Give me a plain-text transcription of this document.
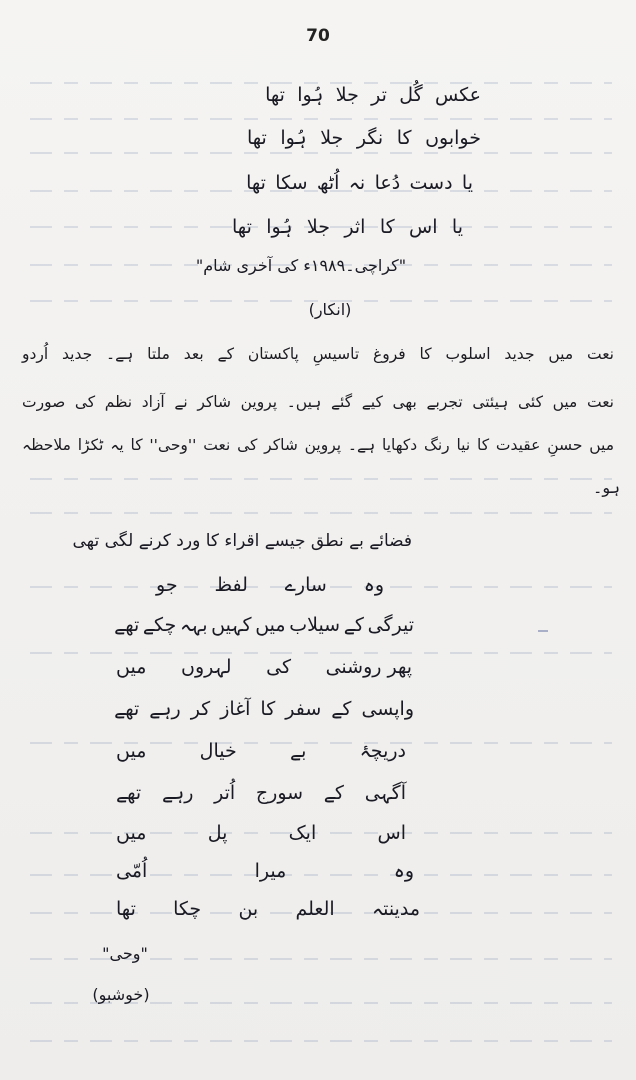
70
عکس
گُل
تر
جلا
ہُوا
تھا
خوابوں
کا
نگر
جلا
ہُوا
تھا
یا
دست
دُعا
نہ
اُٹھ
سکا
تھا
یا
اس
کا
اثر
جلا
ہُوا
تھا
"کراچی۔۱۹۸۹ء کی آخری شام"
(انکار)
نعت میں جدید اسلوب کا فروغ تاسیسِ پاکستان کے بعد ملتا ہے۔ جدید اُردو
نعت میں کئی ہیئتی تجربے بھی کیے گئے ہیں۔ پروین شاکر نے آزاد نظم کی صورت
میں حسنِ عقیدت کا نیا رنگ دکھایا ہے۔ پروین شاکر کی نعت ''وحی'' کا یہ ٹکڑا ملاحظہ
ہو۔
فضائے بے نطق جیسے اقراء کا ورد کرنے لگی تھی
وہ
سارے
لفظ
جو
تیرگی
کے
سیلاب
میں
کہیں
بہہ
چکے
تھے
پھر روشنی
کی
لہروں
میں
واپسی
کے
سفر
کا
آغاز
کر
رہے
تھے
دریچۂ
بے
خیال
میں
آگہی
کے
سورج
اُتر
رہے
تھے
اس
ایک
پل
میں
وہ
میرا
اُمّی
مدینتہ
العلم
بن
چکا
تھا
"وحی"
(خوشبو)
